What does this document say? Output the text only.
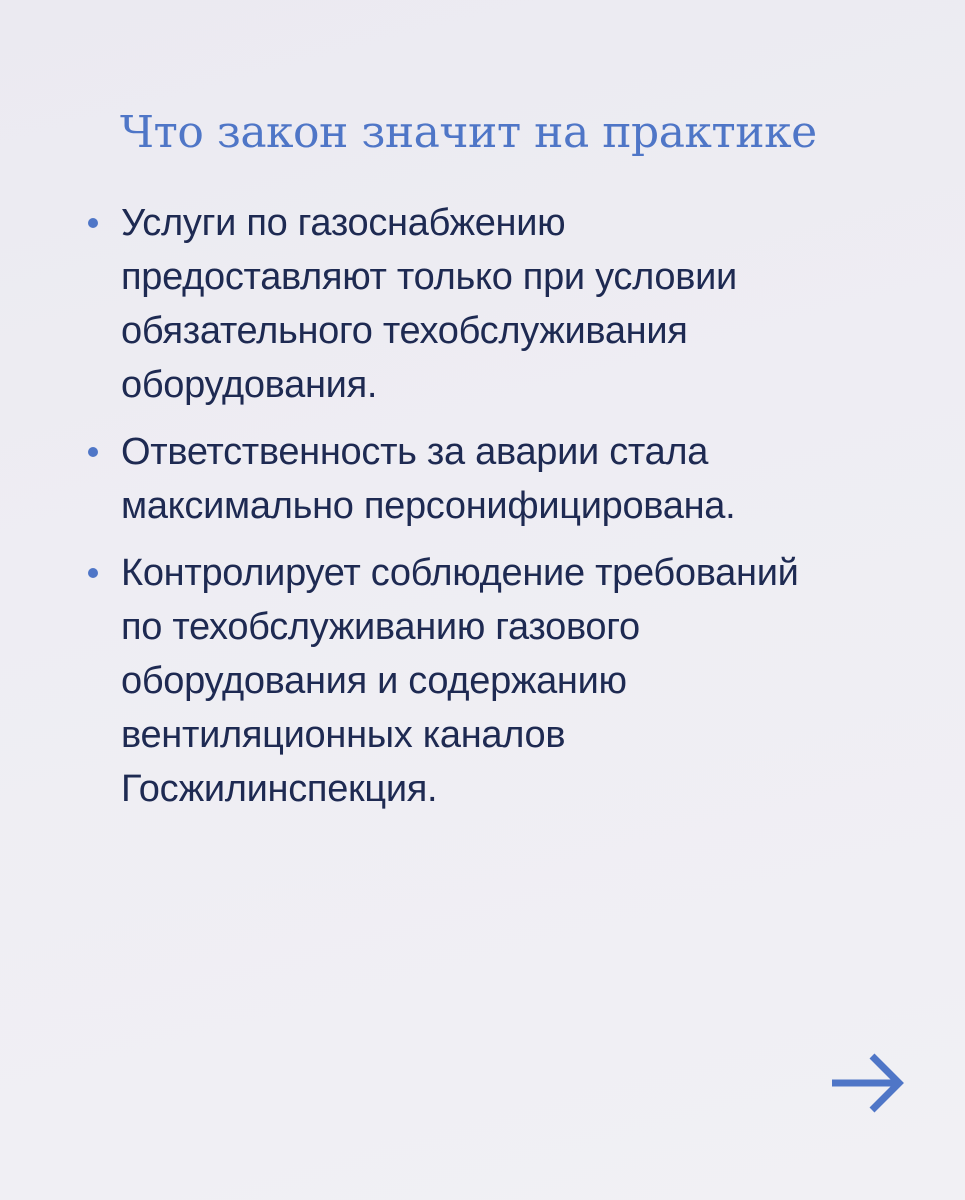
Что закон значит на практике
Услуги по газоснабжению
предоставляют только при условии
обязательного техобслуживания
оборудования.
Ответственность за аварии стала
максимально персонифицирована.
Контролирует соблюдение требований
по техобслуживанию газового
оборудования и содержанию
вентиляционных каналов
Госжилинспекция.
